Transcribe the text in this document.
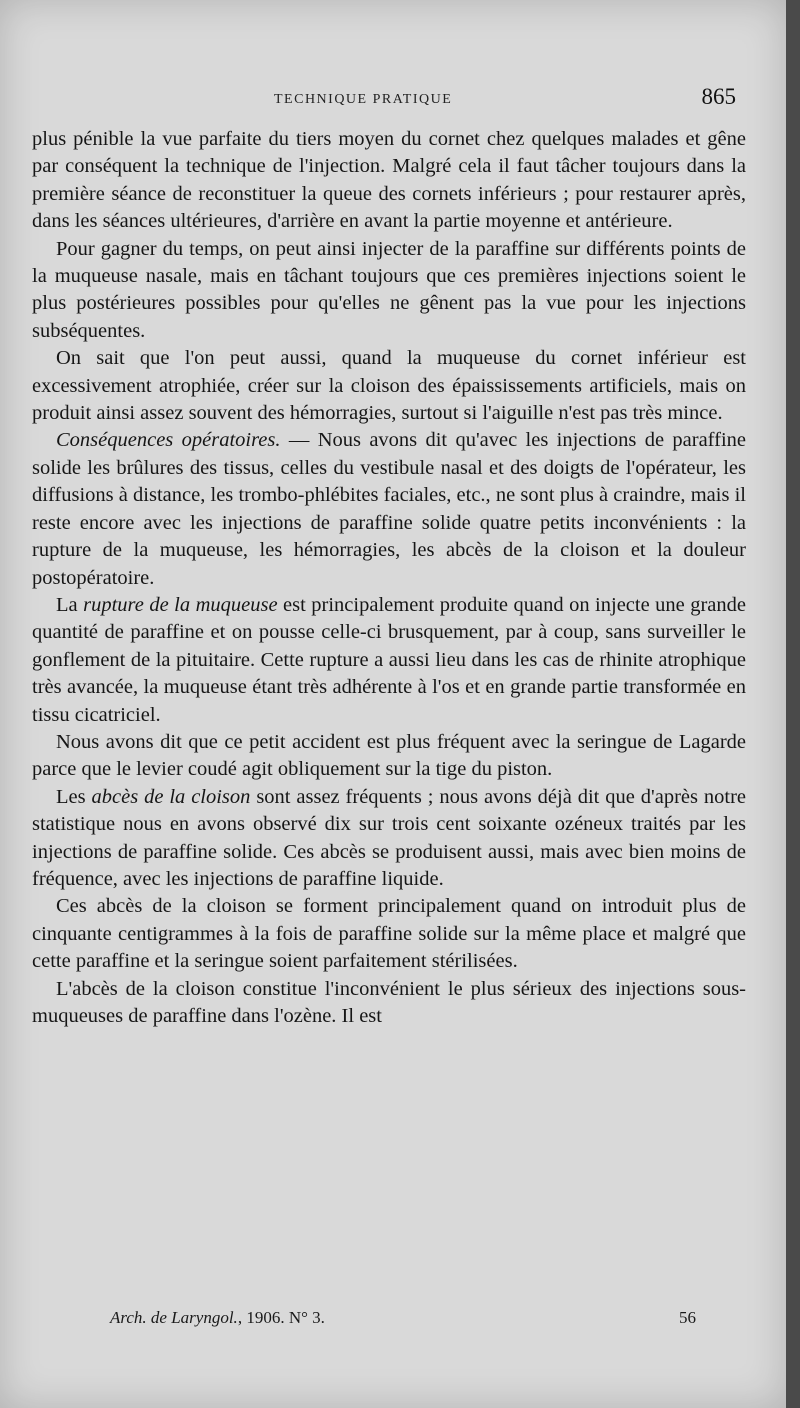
TECHNIQUE PRATIQUE	865

plus pénible la vue parfaite du tiers moyen du cornet chez quelques malades et gêne par conséquent la technique de l'injection. Malgré cela il faut tâcher toujours dans la première séance de reconstituer la queue des cornets inférieurs ; pour restaurer après, dans les séances ultérieures, d'arrière en avant la partie moyenne et antérieure.

Pour gagner du temps, on peut ainsi injecter de la paraffine sur différents points de la muqueuse nasale, mais en tâchant toujours que ces premières injections soient le plus postérieures possibles pour qu'elles ne gênent pas la vue pour les injections subséquentes.

On sait que l'on peut aussi, quand la muqueuse du cornet inférieur est excessivement atrophiée, créer sur la cloison des épaississements artificiels, mais on produit ainsi assez souvent des hémorragies, surtout si l'aiguille n'est pas très mince.

Conséquences opératoires. — Nous avons dit qu'avec les injections de paraffine solide les brûlures des tissus, celles du vestibule nasal et des doigts de l'opérateur, les diffusions à distance, les trombo-phlébites faciales, etc., ne sont plus à craindre, mais il reste encore avec les injections de paraffine solide quatre petits inconvénients : la rupture de la muqueuse, les hémorragies, les abcès de la cloison et la douleur postopératoire.

La rupture de la muqueuse est principalement produite quand on injecte une grande quantité de paraffine et on pousse celle-ci brusquement, par à coup, sans surveiller le gonflement de la pituitaire. Cette rupture a aussi lieu dans les cas de rhinite atrophique très avancée, la muqueuse étant très adhérente à l'os et en grande partie transformée en tissu cicatriciel.

Nous avons dit que ce petit accident est plus fréquent avec la seringue de Lagarde parce que le levier coudé agit obliquement sur la tige du piston.

Les abcès de la cloison sont assez fréquents ; nous avons déjà dit que d'après notre statistique nous en avons observé dix sur trois cent soixante ozéneux traités par les injections de paraffine solide. Ces abcès se produisent aussi, mais avec bien moins de fréquence, avec les injections de paraffine liquide.

Ces abcès de la cloison se forment principalement quand on introduit plus de cinquante centigrammes à la fois de paraffine solide sur la même place et malgré que cette paraffine et la seringue soient parfaitement stérilisées.

L'abcès de la cloison constitue l'inconvénient le plus sérieux des injections sous-muqueuses de paraffine dans l'ozène. Il est

Arch. de Laryngol., 1906. N° 3.	56
